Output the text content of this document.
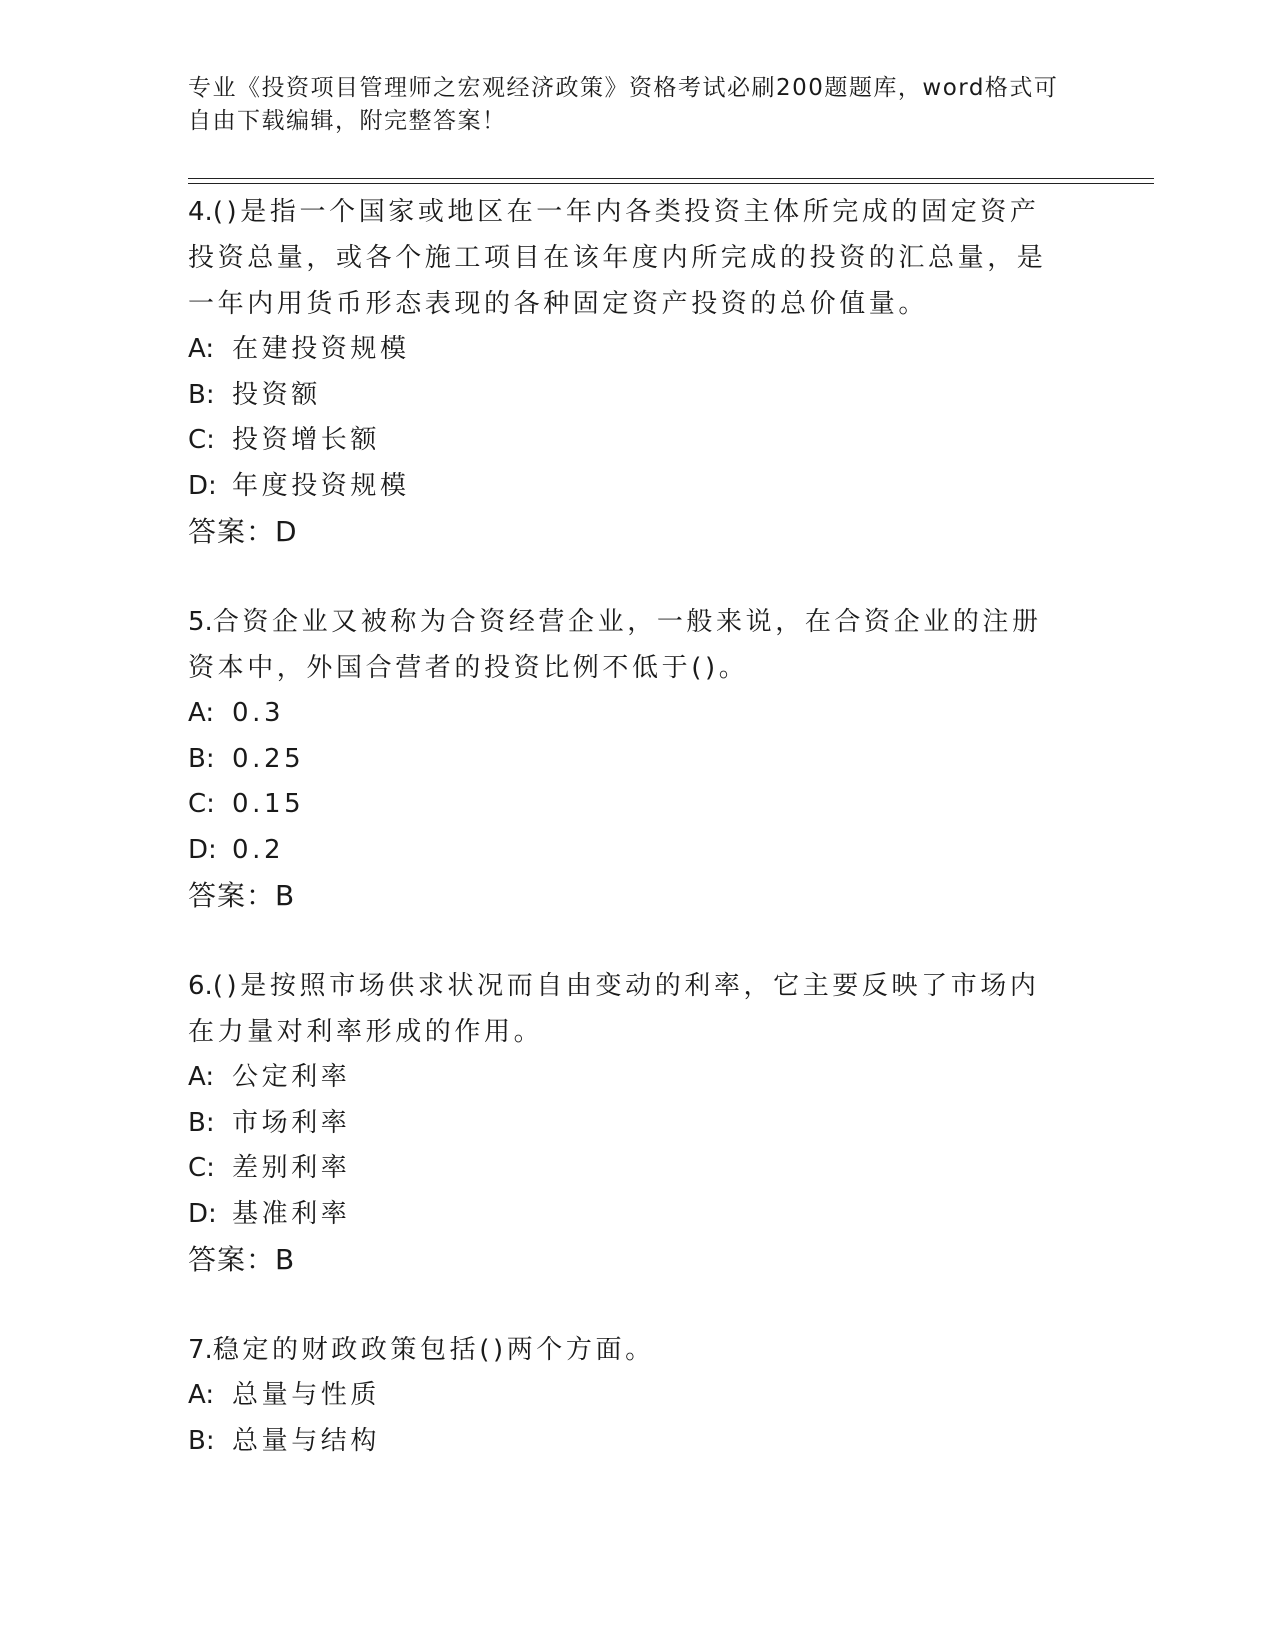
专业《投资项目管理师之宏观经济政策》资格考试必刷200题题库，word格式可
自由下载编辑，附完整答案！

4.()是指一个国家或地区在一年内各类投资主体所完成的固定资产投资总量，或各个施工项目在该年度内所完成的投资的汇总量，是一年内用货币形态表现的各种固定资产投资的总价值量。

A: 在建投资规模
B: 投资额
C: 投资增长额
D: 年度投资规模
答案：D

5.合资企业又被称为合资经营企业，一般来说，在合资企业的注册资本中，外国合营者的投资比例不低于()。

A: 0.3
B: 0.25
C: 0.15
D: 0.2
答案：B

6.()是按照市场供求状况而自由变动的利率，它主要反映了市场内在力量对利率形成的作用。

A: 公定利率
B: 市场利率
C: 差别利率
D: 基准利率
答案：B

7.稳定的财政政策包括()两个方面。

A: 总量与性质
B: 总量与结构
